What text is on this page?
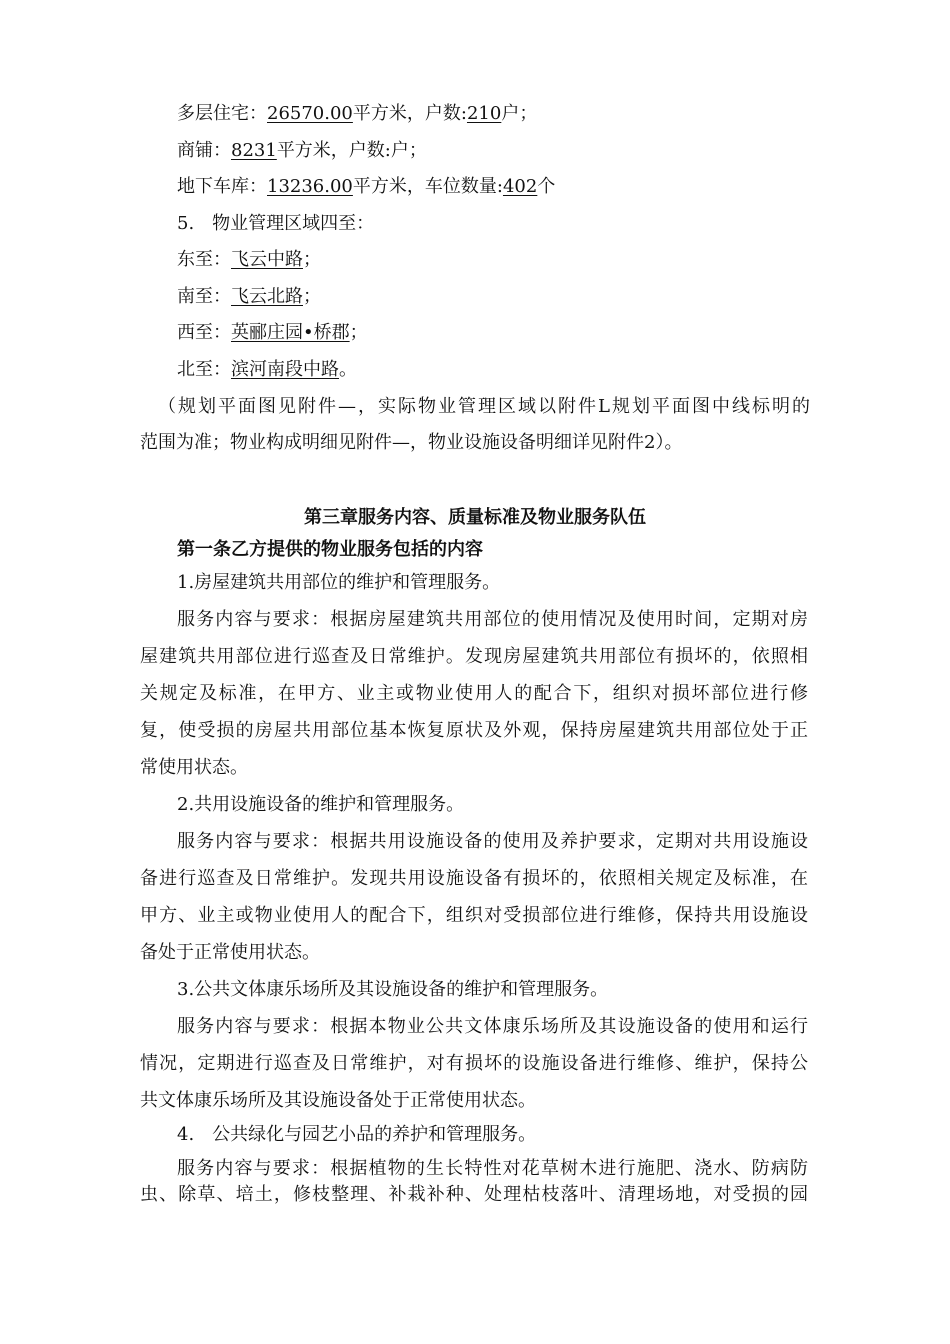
多层住宅：26570.00平方米，户数:210户；
商铺：8231平方米，户数:户；
地下车库：13236.00平方米，车位数量:402个
5.　物业管理区域四至：
东至：飞云中路；
南至：飞云北路；
西至：英郦庄园•桥郡；
北至：滨河南段中路。
（规划平面图见附件—，实际物业管理区域以附件L规划平面图中线标明的
范围为准；物业构成明细见附件—，物业设施设备明细详见附件2）。
第三章服务内容、质量标准及物业服务队伍
第一条乙方提供的物业服务包括的内容
1.房屋建筑共用部位的维护和管理服务。
服务内容与要求：根据房屋建筑共用部位的使用情况及使用时间，定期对房
屋建筑共用部位进行巡查及日常维护。发现房屋建筑共用部位有损坏的，依照相
关规定及标准，在甲方、业主或物业使用人的配合下，组织对损坏部位进行修
复，使受损的房屋共用部位基本恢复原状及外观，保持房屋建筑共用部位处于正
常使用状态。
2.共用设施设备的维护和管理服务。
服务内容与要求：根据共用设施设备的使用及养护要求，定期对共用设施设
备进行巡查及日常维护。发现共用设施设备有损坏的，依照相关规定及标准，在
甲方、业主或物业使用人的配合下，组织对受损部位进行维修，保持共用设施设
备处于正常使用状态。
3.公共文体康乐场所及其设施设备的维护和管理服务。
服务内容与要求：根据本物业公共文体康乐场所及其设施设备的使用和运行
情况，定期进行巡查及日常维护，对有损坏的设施设备进行维修、维护，保持公
共文体康乐场所及其设施设备处于正常使用状态。
4.　公共绿化与园艺小品的养护和管理服务。
服务内容与要求：根据植物的生长特性对花草树木进行施肥、浇水、防病防
虫、除草、培土，修枝整理、补栽补种、处理枯枝落叶、清理场地，对受损的园
